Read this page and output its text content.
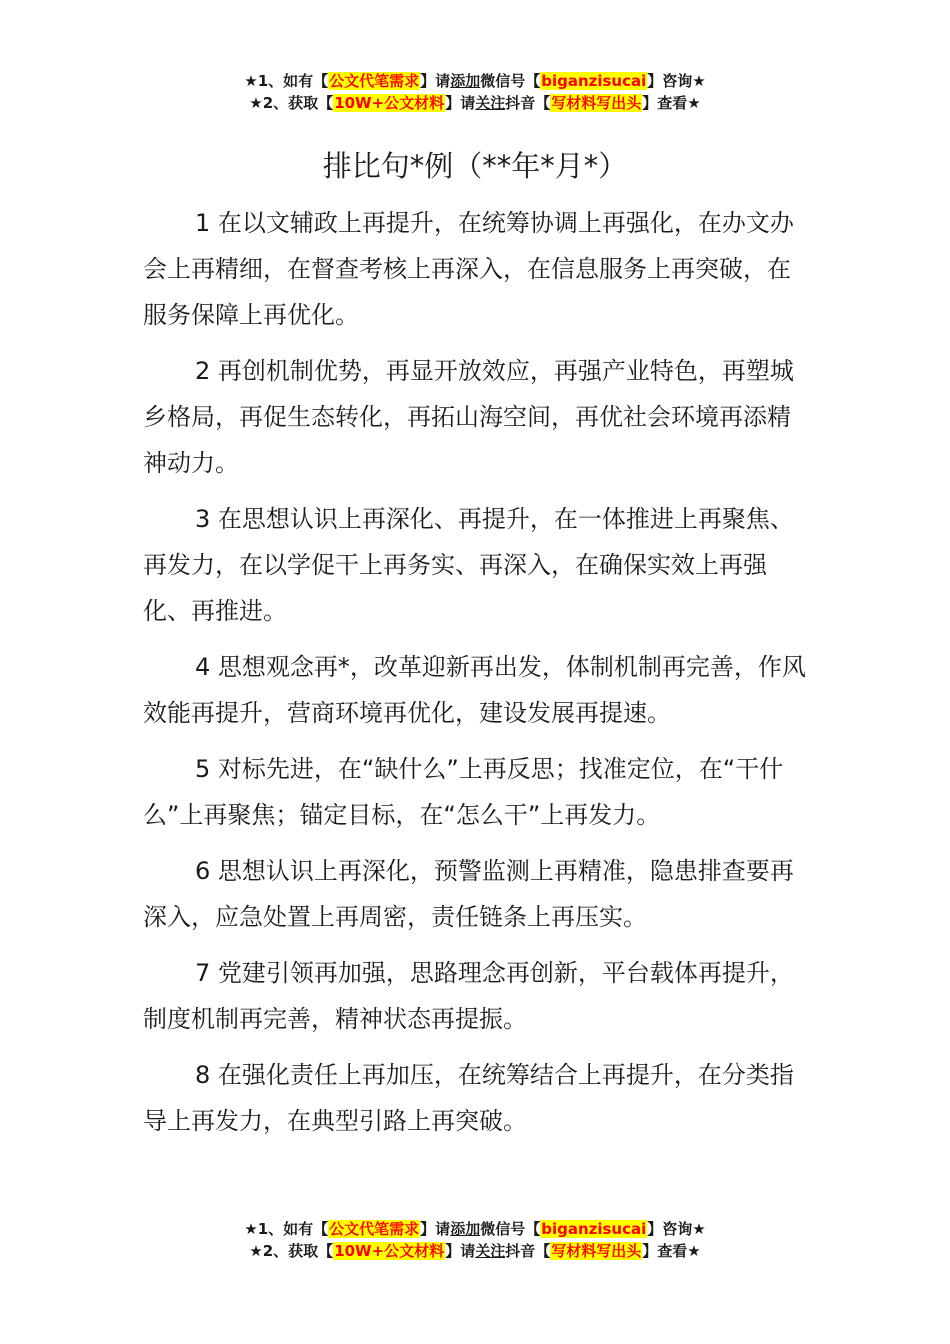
★1、如有【公文代笔需求】请添加微信号【biganzisucai】咨询★
★2、获取【10W+公文材料】请关注抖音【写材料写出头】查看★
排比句*例（**年*月*）

1 在以文辅政上再提升，在统筹协调上再强化，在办文办会上再精细，在督查考核上再深入，在信息服务上再突破，在服务保障上再优化。

2 再创机制优势，再显开放效应，再强产业特色，再塑城乡格局，再促生态转化，再拓山海空间，再优社会环境再添精神动力。

3 在思想认识上再深化、再提升，在一体推进上再聚焦、再发力，在以学促干上再务实、再深入，在确保实效上再强化、再推进。

4 思想观念再*，改革迎新再出发，体制机制再完善，作风效能再提升，营商环境再优化，建设发展再提速。

5 对标先进，在“缺什么”上再反思；找准定位，在“干什么”上再聚焦；锚定目标，在“怎么干”上再发力。

6 思想认识上再深化，预警监测上再精准，隐患排查要再深入，应急处置上再周密，责任链条上再压实。

7 党建引领再加强，思路理念再创新，平台载体再提升，制度机制再完善，精神状态再提振。

8 在强化责任上再加压，在统筹结合上再提升，在分类指导上再发力，在典型引路上再突破。

★1、如有【公文代笔需求】请添加微信号【biganzisucai】咨询★
★2、获取【10W+公文材料】请关注抖音【写材料写出头】查看★
